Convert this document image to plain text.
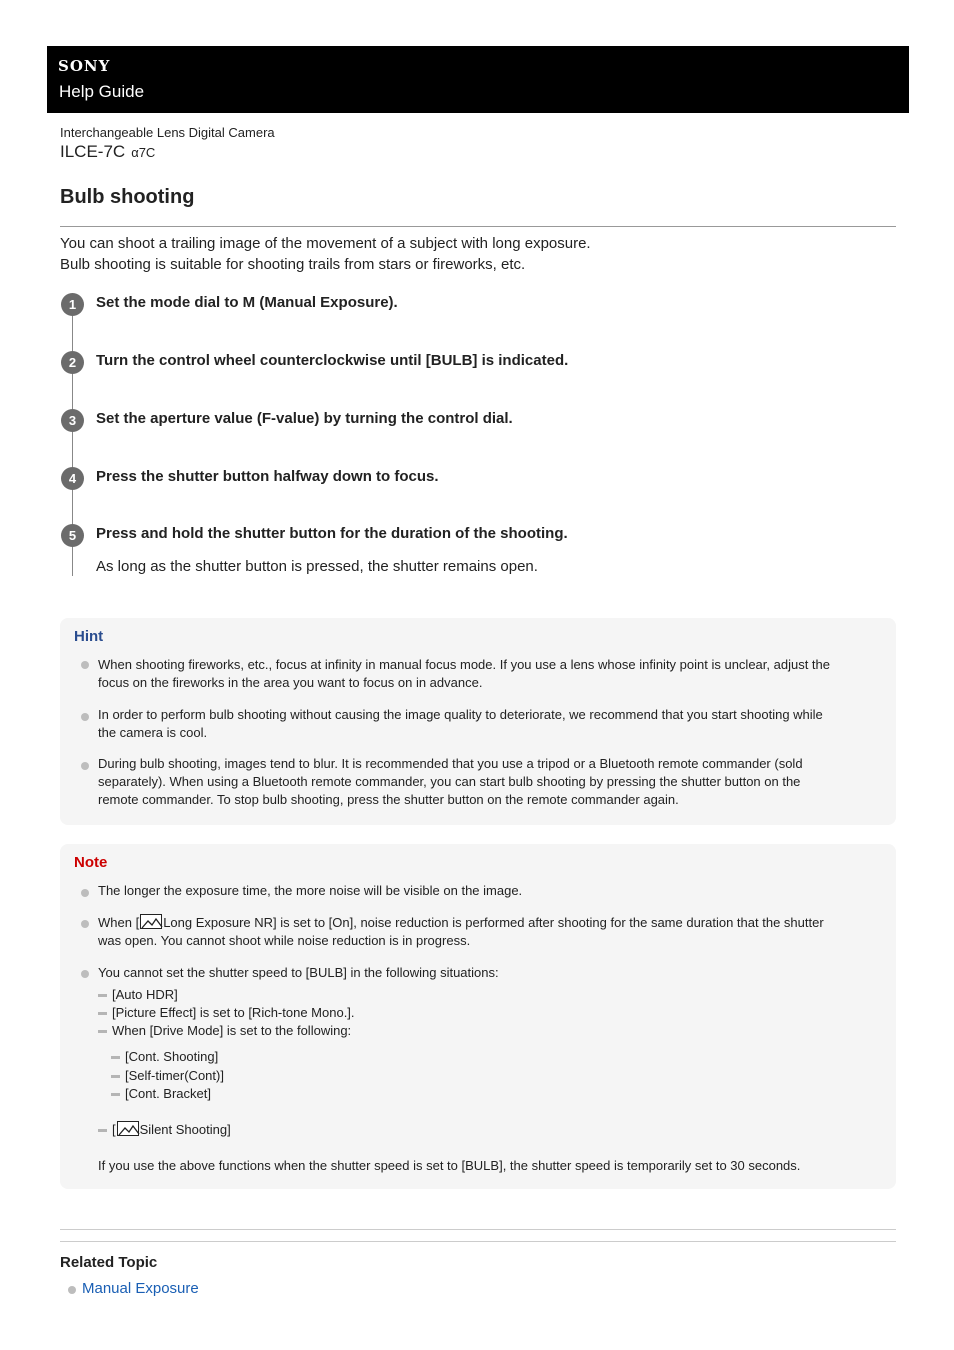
SONY
Help Guide
Interchangeable Lens Digital Camera
ILCE-7C α7C
Bulb shooting
You can shoot a trailing image of the movement of a subject with long exposure.
Bulb shooting is suitable for shooting trails from stars or fireworks, etc.
1	Set the mode dial to M (Manual Exposure).
2	Turn the control wheel counterclockwise until [BULB] is indicated.
3	Set the aperture value (F-value) by turning the control dial.
4	Press the shutter button halfway down to focus.
5	Press and hold the shutter button for the duration of the shooting.
As long as the shutter button is pressed, the shutter remains open.
Hint
When shooting fireworks, etc., focus at infinity in manual focus mode. If you use a lens whose infinity point is unclear, adjust the
focus on the fireworks in the area you want to focus on in advance.
In order to perform bulb shooting without causing the image quality to deteriorate, we recommend that you start shooting while
the camera is cool.
During bulb shooting, images tend to blur. It is recommended that you use a tripod or a Bluetooth remote commander (sold
separately). When using a Bluetooth remote commander, you can start bulb shooting by pressing the shutter button on the
remote commander. To stop bulb shooting, press the shutter button on the remote commander again.
Note
The longer the exposure time, the more noise will be visible on the image.
When [ Long Exposure NR] is set to [On], noise reduction is performed after shooting for the same duration that the shutter
was open. You cannot shoot while noise reduction is in progress.
You cannot set the shutter speed to [BULB] in the following situations:
[Auto HDR]
[Picture Effect] is set to [Rich-tone Mono.].
When [Drive Mode] is set to the following:
[Cont. Shooting]
[Self-timer(Cont)]
[Cont. Bracket]
[ Silent Shooting]
If you use the above functions when the shutter speed is set to [BULB], the shutter speed is temporarily set to 30 seconds.
Related Topic
Manual Exposure
